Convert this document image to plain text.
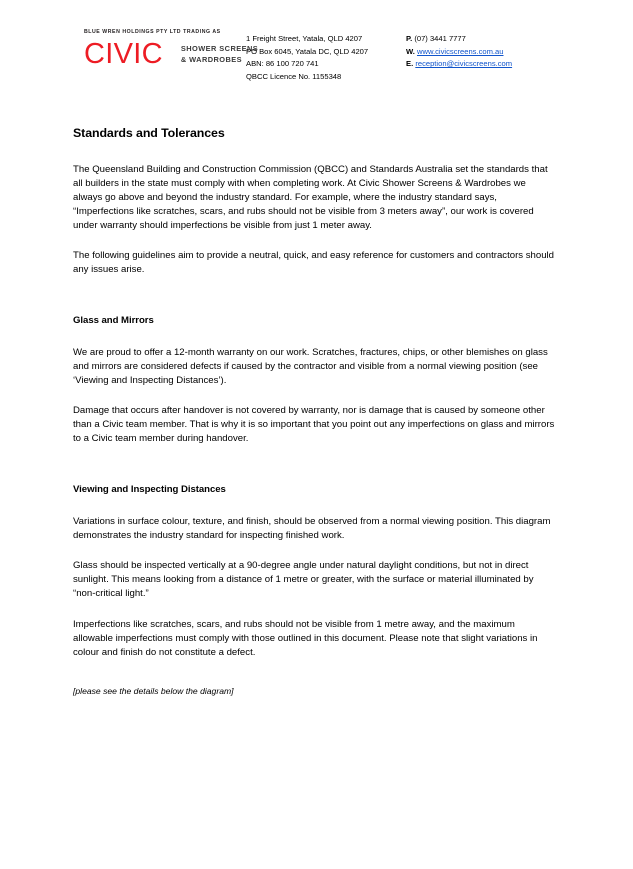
BLUE WREN HOLDINGS PTY LTD TRADING AS
CIVIC	SHOWER SCREENS
& WARDROBES
1 Freight Street, Yatala, QLD 4207
PO Box 6045, Yatala DC, QLD 4207
ABN: 86 100 720 741
QBCC Licence No. 1155348
P. (07) 3441 7777
W. www.civicscreens.com.au
E. reception@civicscreens.com
Standards and Tolerances

The Queensland Building and Construction Commission (QBCC) and Standards Australia set the standards that all builders in the state must comply with when completing work. At Civic Shower Screens & Wardrobes we always go above and beyond the industry standard. For example, where the industry standard says, “Imperfections like scratches, scars, and rubs should not be visible from 3 meters away”, our work is covered under warranty should imperfections be visible from just 1 meter away.

The following guidelines aim to provide a neutral, quick, and easy reference for customers and contractors should any issues arise.

Glass and Mirrors

We are proud to offer a 12-month warranty on our work. Scratches, fractures, chips, or other blemishes on glass and mirrors are considered defects if caused by the contractor and visible from a normal viewing position (see ‘Viewing and Inspecting Distances’).

Damage that occurs after handover is not covered by warranty, nor is damage that is caused by someone other than a Civic team member. That is why it is so important that you point out any imperfections on glass and mirrors to a Civic team member during handover.

Viewing and Inspecting Distances

Variations in surface colour, texture, and finish, should be observed from a normal viewing position. This diagram demonstrates the industry standard for inspecting finished work.

Glass should be inspected vertically at a 90-degree angle under natural daylight conditions, but not in direct sunlight. This means looking from a distance of 1 metre or greater, with the surface or material illuminated by “non-critical light.”

Imperfections like scratches, scars, and rubs should not be visible from 1 metre away, and the maximum allowable imperfections must comply with those outlined in this document. Please note that slight variations in colour and finish do not constitute a defect.

[please see the details below the diagram]
